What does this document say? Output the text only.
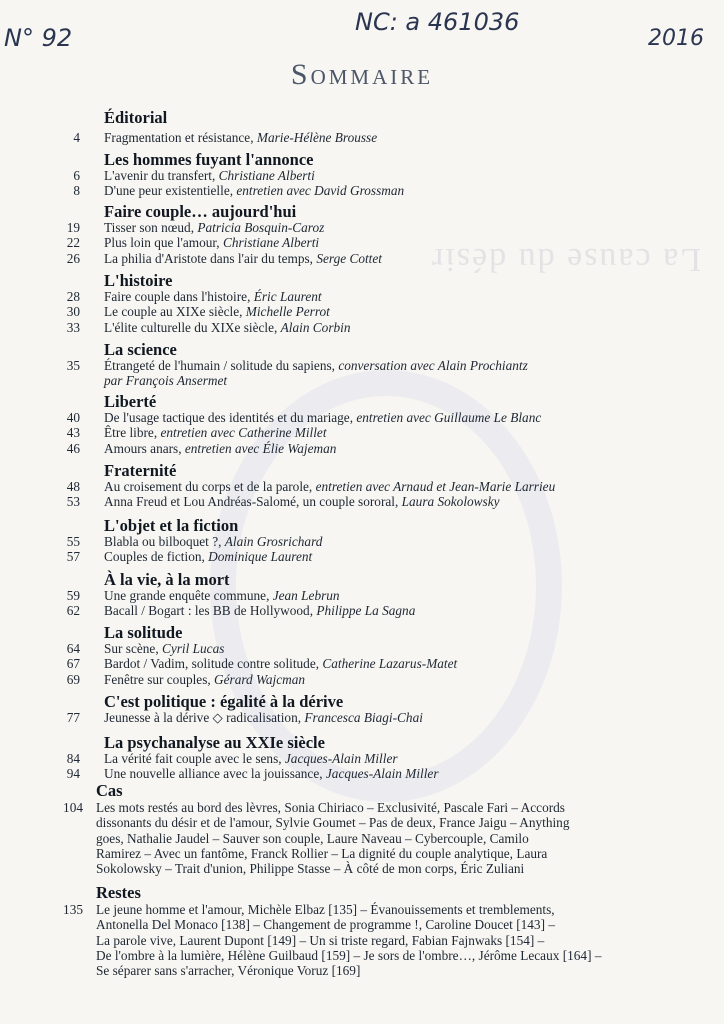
La cause du désir
N° 92
NC: a 461036
2016
Sommaire
Éditorial
4 Fragmentation et résistance, Marie-Hélène Brousse
Les hommes fuyant l'annonce
6 L'avenir du transfert, Christiane Alberti
8 D'une peur existentielle, entretien avec David Grossman
Faire couple… aujourd'hui
19 Tisser son nœud, Patricia Bosquin-Caroz
22 Plus loin que l'amour, Christiane Alberti
26 La philia d'Aristote dans l'air du temps, Serge Cottet
L'histoire
28 Faire couple dans l'histoire, Éric Laurent
30 Le couple au XIXe siècle, Michelle Perrot
33 L'élite culturelle du XIXe siècle, Alain Corbin
La science
35 Étrangeté de l'humain / solitude du sapiens, conversation avec Alain Prochiantz
par François Ansermet
Liberté
40 De l'usage tactique des identités et du mariage, entretien avec Guillaume Le Blanc
43 Être libre, entretien avec Catherine Millet
46 Amours anars, entretien avec Élie Wajeman
Fraternité
48 Au croisement du corps et de la parole, entretien avec Arnaud et Jean-Marie Larrieu
53 Anna Freud et Lou Andréas-Salomé, un couple sororal, Laura Sokolowsky
L'objet et la fiction
55 Blabla ou bilboquet ?, Alain Grosrichard
57 Couples de fiction, Dominique Laurent
À la vie, à la mort
59 Une grande enquête commune, Jean Lebrun
62 Bacall / Bogart : les BB de Hollywood, Philippe La Sagna
La solitude
64 Sur scène, Cyril Lucas
67 Bardot / Vadim, solitude contre solitude, Catherine Lazarus-Matet
69 Fenêtre sur couples, Gérard Wajcman
C'est politique : égalité à la dérive
77 Jeunesse à la dérive ◇ radicalisation, Francesca Biagi-Chai
La psychanalyse au XXIe siècle
84 La vérité fait couple avec le sens, Jacques-Alain Miller
94 Une nouvelle alliance avec la jouissance, Jacques-Alain Miller
Cas
104 Les mots restés au bord des lèvres, Sonia Chiriaco – Exclusivité, Pascale Fari – Accords
dissonants du désir et de l'amour, Sylvie Goumet – Pas de deux, France Jaigu – Anything
goes, Nathalie Jaudel – Sauver son couple, Laure Naveau – Cybercouple, Camilo
Ramirez – Avec un fantôme, Franck Rollier – La dignité du couple analytique, Laura
Sokolowsky – Trait d'union, Philippe Stasse – À côté de mon corps, Éric Zuliani
Restes
135 Le jeune homme et l'amour, Michèle Elbaz [135] – Évanouissements et tremblements,
Antonella Del Monaco [138] – Changement de programme !, Caroline Doucet [143] –
La parole vive, Laurent Dupont [149] – Un si triste regard, Fabian Fajnwaks [154] –
De l'ombre à la lumière, Hélène Guilbaud [159] – Je sors de l'ombre…, Jérôme Lecaux [164] –
Se séparer sans s'arracher, Véronique Voruz [169]
